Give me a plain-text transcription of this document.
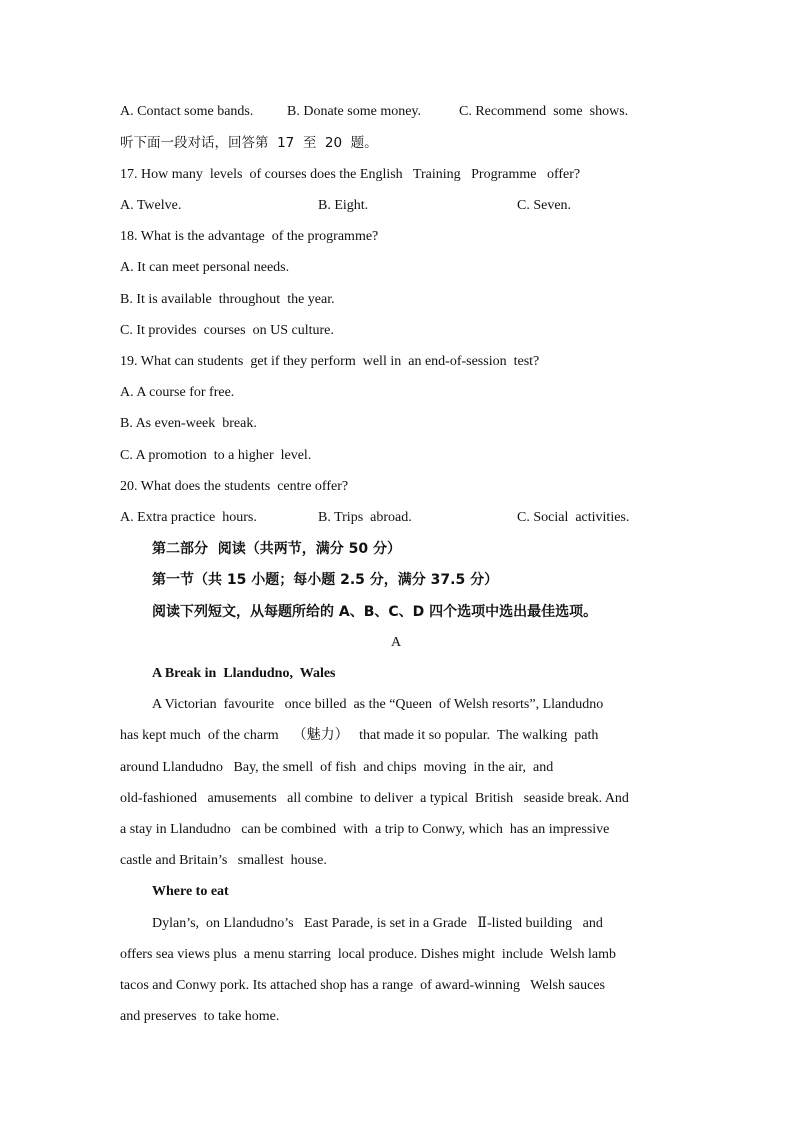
A. Contact some bands. B. Donate some money.	C. Recommend  some  shows.
听下面一段对话，回答第  17  至  20  题。
17. How many  levels  of courses does the English   Training   Programme   offer?
A. Twelve.	B. Eight.	C. Seven.
18. What is the advantage  of the programme?
A. It can meet personal needs.
B. It is available  throughout  the year.
C. It provides  courses  on US culture.
19. What can students  get if they perform  well in  an end-of-session  test?
A. A course for free.
B. As even-week  break.
C. A promotion  to a higher  level.
20. What does the students  centre offer?
A. Extra practice  hours.	B. Trips  abroad.	C. Social  activities.
第二部分  阅读（共两节，满分 50 分）
第一节（共 15 小题；每小题 2.5 分，满分 37.5 分）
阅读下列短文，从每题所给的 A、B、C、D 四个选项中选出最佳选项。
A
A Break in  Llandudno,  Wales
A Victorian  favourite   once billed  as the “Queen  of Welsh resorts”, Llandudno
has kept much  of the charm    （魅力）   that made it so popular.  The walking  path
around Llandudno   Bay, the smell  of fish  and chips  moving  in the air,  and
old-fashioned   amusements   all combine  to deliver  a typical  British   seaside break. And
a stay in Llandudno   can be combined  with  a trip to Conwy, which  has an impressive
castle and Britain’s   smallest  house.
Where to eat
Dylan’s,  on Llandudno’s   East Parade, is set in a Grade   Ⅱ-listed building   and
offers sea views plus  a menu starring  local produce. Dishes might  include  Welsh lamb
tacos and Conwy pork. Its attached shop has a range  of award-winning   Welsh sauces
and preserves  to take home.
